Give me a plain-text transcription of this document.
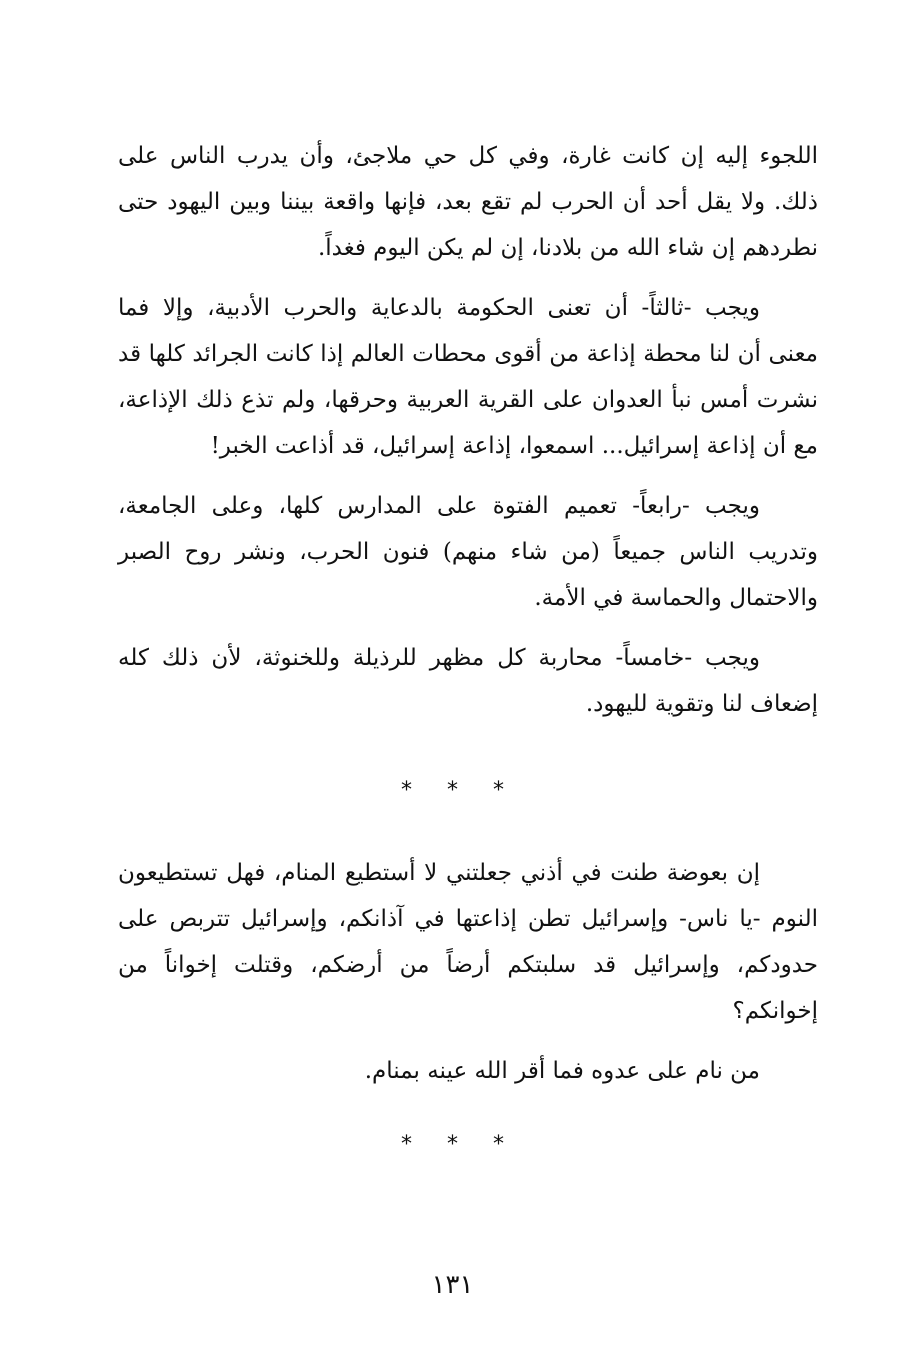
اللجوء إليه إن كانت غارة، وفي كل حي ملاجئ، وأن يدرب الناس على ذلك. ولا يقل أحد أن الحرب لم تقع بعد، فإنها واقعة بيننا وبين اليهود حتى نطردهم إن شاء الله من بلادنا، إن لم يكن اليوم فغداً.

ويجب -ثالثاً- أن تعنى الحكومة بالدعاية والحرب الأدبية، وإلا فما معنى أن لنا محطة إذاعة من أقوى محطات العالم إذا كانت الجرائد كلها قد نشرت أمس نبأ العدوان على القرية العربية وحرقها، ولم تذع ذلك الإذاعة، مع أن إذاعة إسرائيل... اسمعوا، إذاعة إسرائيل، قد أذاعت الخبر!

ويجب -رابعاً- تعميم الفتوة على المدارس كلها، وعلى الجامعة، وتدريب الناس جميعاً (من شاء منهم) فنون الحرب، ونشر روح الصبر والاحتمال والحماسة في الأمة.

ويجب -خامساً- محاربة كل مظهر للرذيلة وللخنوثة، لأن ذلك كله إضعاف لنا وتقوية لليهود.

* * *

إن بعوضة طنت في أذني جعلتني لا أستطيع المنام، فهل تستطيعون النوم -يا ناس- وإسرائيل تطن إذاعتها في آذانكم، وإسرائيل تتربص على حدودكم، وإسرائيل قد سلبتكم أرضاً من أرضكم، وقتلت إخواناً من إخوانكم؟

من نام على عدوه فما أقر الله عينه بمنام.

* * *
١٣١
